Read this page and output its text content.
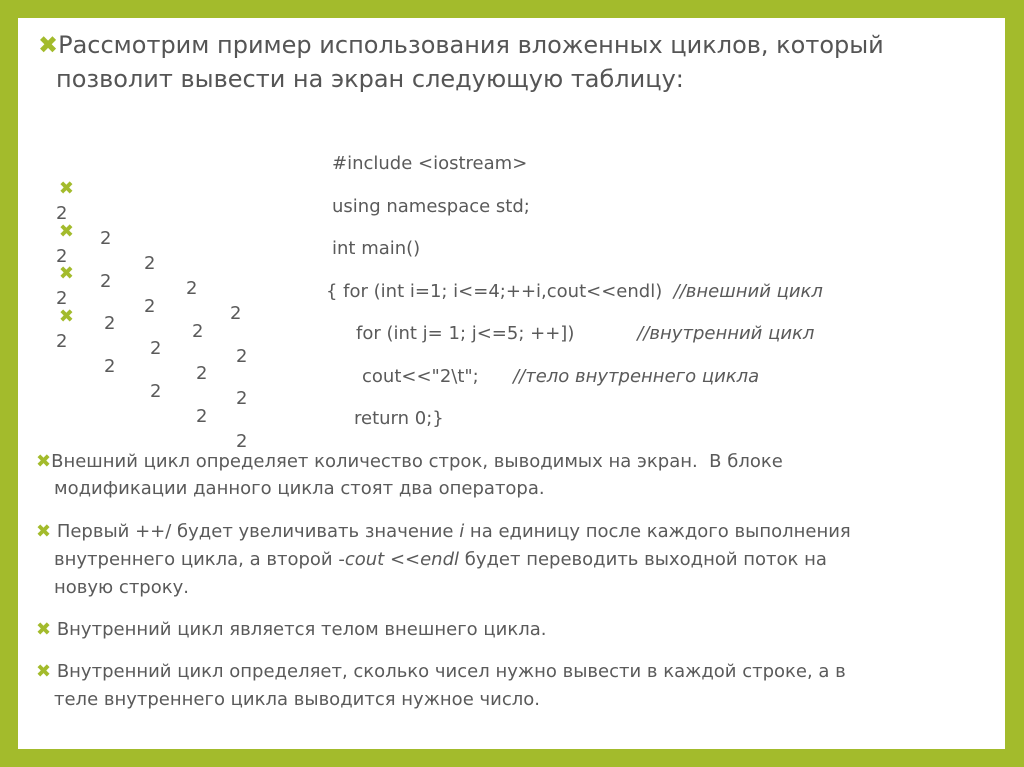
✖Рассмотрим пример использования вложенных циклов, который
позволит вывести на экран следующую таблицу:

✖

2

2

2

2

2

✖

2

2

2

2

2

✖

2

2

2

2

2

✖

2

2

2

2

2

#include <iostream>
using namespace std;
int main()
{ for (int i=1; i<=4;++i,cout<<endl) //внешний цикл
for (int j= 1; j<=5; ++])	//внутренний цикл
cout<<"2\t"; //тело внутреннего цикла
return 0;}
✖Внешний цикл определяет количество строк, выводимых на экран.  В блоке
модификации данного цикла стоят два оператора.
✖ Первый ++/ будет увеличивать значение i на единицу после каждого выполнения
внутреннего цикла, а второй -cout <<endl будет переводить выходной поток на
новую строку.
✖ Внутренний цикл является телом внешнего цикла.
✖ Внутренний цикл определяет, сколько чисел нужно вывести в каждой строке, а в
теле внутреннего цикла выводится нужное число.
